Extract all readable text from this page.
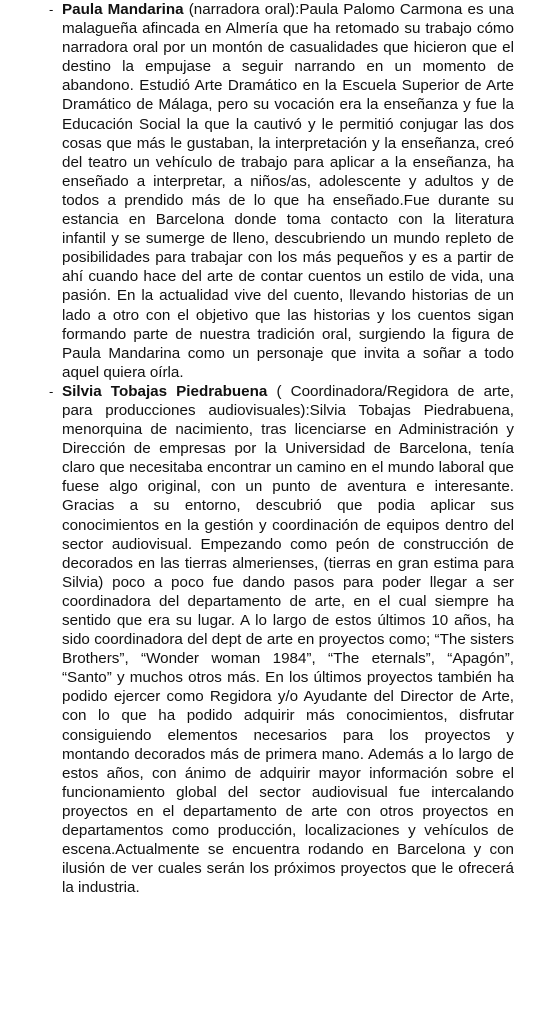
- Paula Mandarina (narradora oral):Paula Palomo Carmona es una malagueña afincada en Almería que ha retomado su trabajo cómo narradora oral por un montón de casualidades que hicieron que el destino la empujase a seguir narrando en un momento de abandono. Estudió Arte Dramático en la Escuela Superior de Arte Dramático de Málaga, pero su vocación era la enseñanza y fue la Educación Social la que la cautivó y le permitió conjugar las dos cosas que más le gustaban, la interpretación y la enseñanza, creó del teatro un vehículo de trabajo para aplicar a la enseñanza, ha enseñado a interpretar, a niños/as, adolescente y adultos y de todos a prendido más de lo que ha enseñado.Fue durante su estancia en Barcelona donde toma contacto con la literatura infantil y se sumerge de lleno, descubriendo un mundo repleto de posibilidades para trabajar con los más pequeños y es a partir de ahí cuando hace del arte de contar cuentos un estilo de vida, una pasión. En la actualidad vive del cuento, llevando historias de un lado a otro con el objetivo que las historias y los cuentos sigan formando parte de nuestra tradición oral, surgiendo la figura de Paula Mandarina como un personaje que invita a soñar a todo aquel quiera oírla.
- Silvia Tobajas Piedrabuena ( Coordinadora/Regidora de arte, para producciones audiovisuales):Silvia Tobajas Piedrabuena, menorquina de nacimiento, tras licenciarse en Administración y Dirección de empresas por la Universidad de Barcelona, tenía claro que necesitaba encontrar un camino en el mundo laboral que fuese algo original, con un punto de aventura e interesante. Gracias a su entorno, descubrió que podia aplicar sus conocimientos en la gestión y coordinación de equipos dentro del sector audiovisual. Empezando como peón de construcción de decorados en las tierras almerienses, (tierras en gran estima para Silvia) poco a poco fue dando pasos para poder llegar a ser coordinadora del departamento de arte, en el cual siempre ha sentido que era su lugar. A lo largo de estos últimos 10 años, ha sido coordinadora del dept de arte en proyectos como; “The sisters Brothers”, “Wonder woman 1984”, “The eternals”, “Apagón”, “Santo” y muchos otros más. En los últimos proyectos también ha podido ejercer como Regidora y/o Ayudante del Director de Arte, con lo que ha podido adquirir más conocimientos, disfrutar consiguiendo elementos necesarios para los proyectos y montando decorados más de primera mano. Además a lo largo de estos años, con ánimo de adquirir mayor información sobre el funcionamiento global del sector audiovisual fue intercalando proyectos en el departamento de arte con otros proyectos en departamentos como producción, localizaciones y vehículos de escena.Actualmente se encuentra rodando en Barcelona y con ilusión de ver cuales serán los próximos proyectos que le ofrecerá la industria.
